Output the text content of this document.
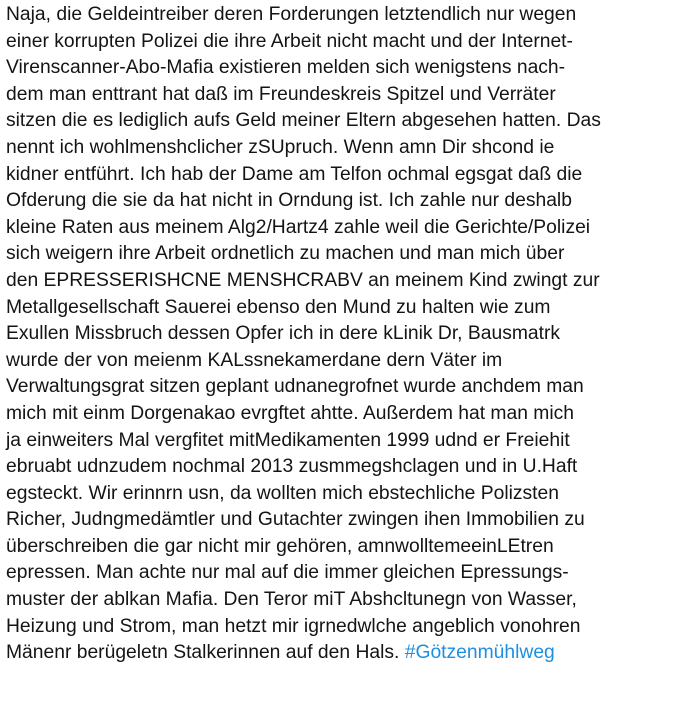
Naja, die Geldeintreiber deren Forderungen letztendlich nur wegen
einer korrupten Polizei die ihre Arbeit nicht macht und der Internet-
Virenscanner-Abo-Mafia existieren melden sich wenigstens nach-
dem man enttrant hat daß im Freundeskreis Spitzel und Verräter
sitzen die es lediglich aufs Geld meiner Eltern abgesehen hatten. Das
nennt ich wohlmenshclicher zSUpruch. Wenn amn Dir shcond ie
kidner entführt. Ich hab der Dame am Telfon ochmal egsgat daß die
Ofderung die sie da hat nicht in Orndung ist. Ich zahle nur deshalb
kleine Raten aus meinem Alg2/Hartz4 zahle weil die Gerichte/Polizei
sich weigern ihre Arbeit ordnetlich zu machen und man mich über
den EPRESSERISHCNE MENSHCRABV an meinem Kind zwingt zur
Metallgesellschaft Sauerei ebenso den Mund zu halten wie zum
Exullen Missbruch dessen Opfer ich in dere kLinik Dr, Bausmatrk
wurde der von meienm KALssnekamerdane dern Väter im
Verwaltungsgrat sitzen geplant udnanegrofnet wurde anchdem man
mich mit einm Dorgenakao evrgftet ahtte. Außerdem hat man mich
ja einweiters Mal vergfitet mitMedikamenten 1999 udnd er Freiehit
ebruabt udnzudem nochmal 2013 zusmmegshclagen und in U.Haft
egsteckt. Wir erinnrn usn, da wollten mich ebstechliche Polizsten
Richer, Judngmedämtler und Gutachter zwingen ihen Immobilien zu
überschreiben die gar nicht mir gehören, amnwolltemeeinLEtren
epressen. Man achte nur mal auf die immer gleichen Epressungs-
muster der ablkan Mafia. Den Teror miT Abshcltunegn von Wasser,
Heizung und Strom, man hetzt mir igrnedwlche angeblich vonohren
Mänenr berügeletn Stalkerinnen auf den Hals. #Götzenmühlweg
